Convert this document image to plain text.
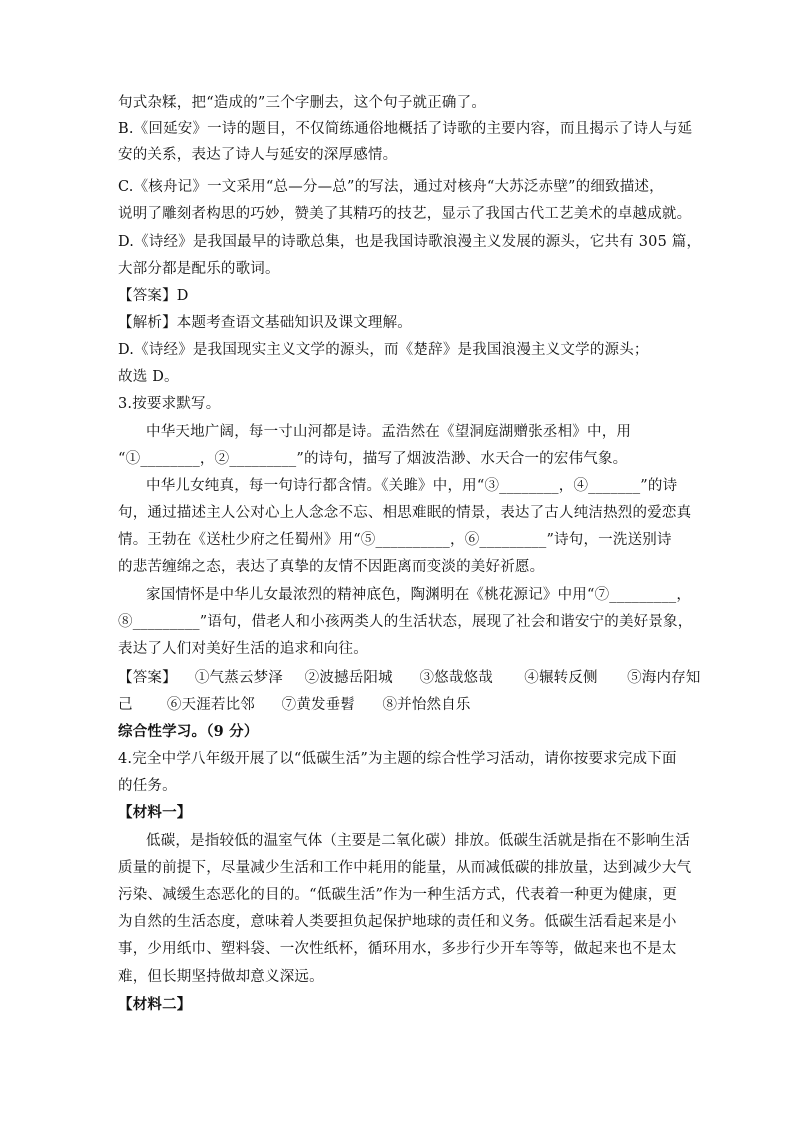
句式杂糅，把“造成的”三个字删去，这个句子就正确了。
B.《回延安》一诗的题目，不仅简练通俗地概括了诗歌的主要内容，而且揭示了诗人与延
安的关系，表达了诗人与延安的深厚感情。
C.《核舟记》一文采用“总—分—总”的写法，通过对核舟“大苏泛赤壁”的细致描述，
说明了雕刻者构思的巧妙，赞美了其精巧的技艺，显示了我国古代工艺美术的卓越成就。
D.《诗经》是我国最早的诗歌总集，也是我国诗歌浪漫主义发展的源头，它共有 305 篇，
大部分都是配乐的歌词。
【答案】D
【解析】本题考查语文基础知识及课文理解。
D.《诗经》是我国现实主义文学的源头，而《楚辞》是我国浪漫主义文学的源头；
故选 D。
3.按要求默写。
中华天地广阔，每一寸山河都是诗。孟浩然在《望洞庭湖赠张丞相》中，用
“①________，②_________”的诗句，描写了烟波浩渺、水天合一的宏伟气象。
中华儿女纯真，每一句诗行都含情。《关雎》中，用“③________，④_______”的诗
句，通过描述主人公对心上人念念不忘、相思难眠的情景，表达了古人纯洁热烈的爱恋真
情。王勃在《送杜少府之任蜀州》用“⑤__________，⑥_________”诗句，一洗送别诗
的悲苦缠绵之态，表达了真挚的友情不因距离而变淡的美好祈愿。
家国情怀是中华儿女最浓烈的精神底色，陶渊明在《桃花源记》中用“⑦_________，
⑧_________”语句，借老人和小孩两类人的生活状态，展现了社会和谐安宁的美好景象，
表达了人们对美好生活的追求和向往。
【答案】 ①气蒸云梦泽 ②波撼岳阳城 ③悠哉悠哉 ④辗转反侧 ⑤海内存知
己 ⑥天涯若比邻 ⑦黄发垂髫 ⑧并怡然自乐
综合性学习。（9 分）
4.完全中学八年级开展了以“低碳生活”为主题的综合性学习活动，请你按要求完成下面
的任务。
【材料一】
低碳，是指较低的温室气体（主要是二氧化碳）排放。低碳生活就是指在不影响生活
质量的前提下，尽量减少生活和工作中耗用的能量，从而减低碳的排放量，达到减少大气
污染、减缓生态恶化的目的。“低碳生活”作为一种生活方式，代表着一种更为健康，更
为自然的生活态度，意味着人类要担负起保护地球的责任和义务。低碳生活看起来是小
事，少用纸巾、塑料袋、一次性纸杯，循环用水，多步行少开车等等，做起来也不是太
难，但长期坚持做却意义深远。
【材料二】
